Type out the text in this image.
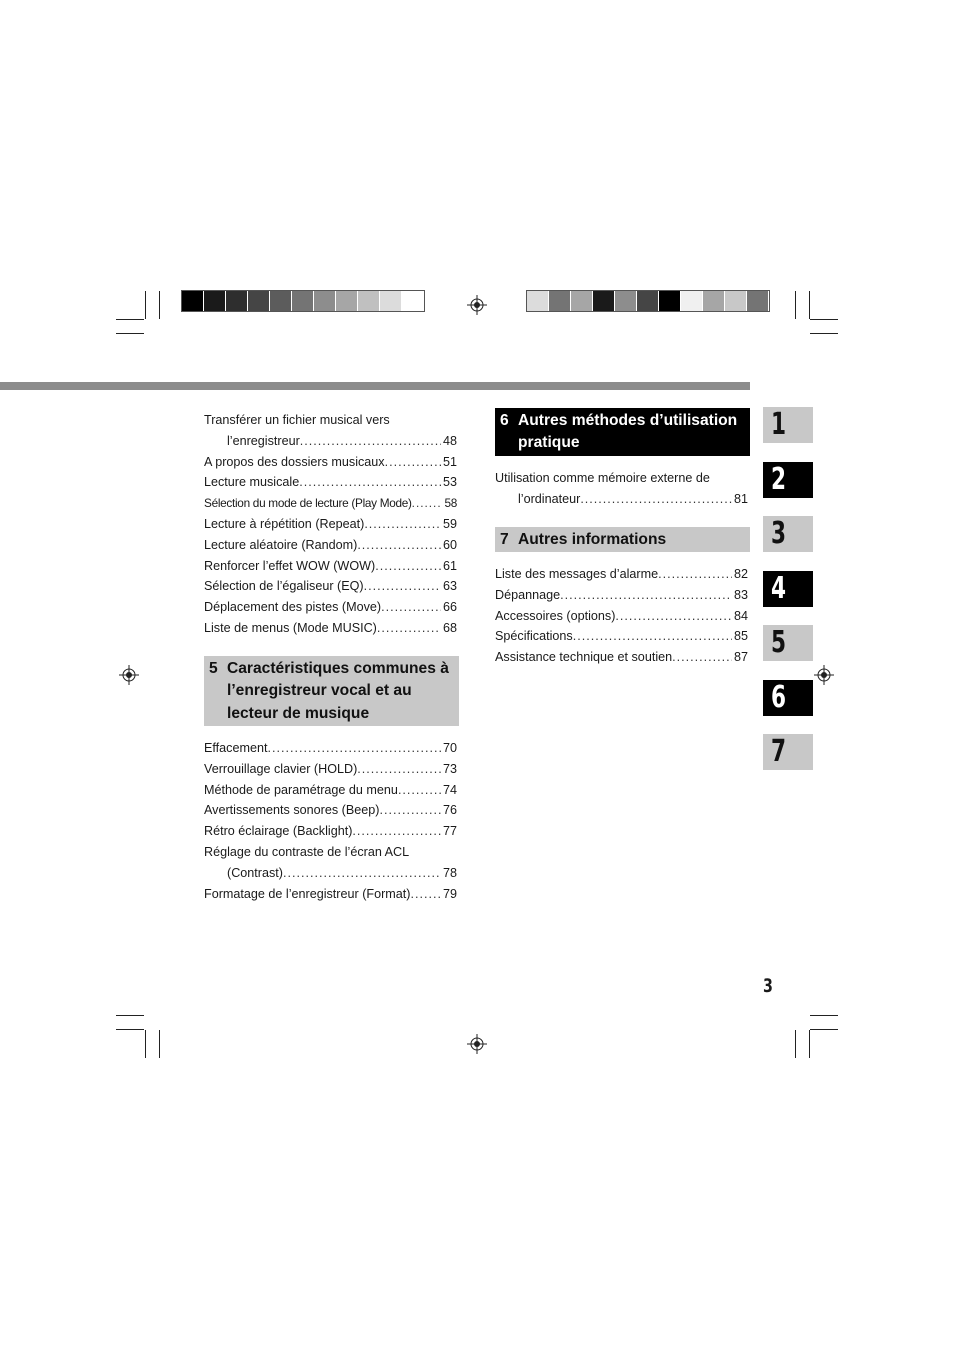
Transférer un fichier musical vers
l’enregistreur .....	48
A propos des dossiers musicaux .....	51
Lecture musicale .....	53
Sélection du mode de lecture (Play Mode) .....	58
Lecture à répétition (Repeat) .....	59
Lecture aléatoire (Random) .....	60
Renforcer l’effet WOW (WOW) .....	61
Sélection de l’égaliseur (EQ) .....	63
Déplacement des pistes (Move) .....	66
Liste de menus (Mode MUSIC) .....	68
5 Caractéristiques communes à l’enregistreur vocal et au lecteur de musique
Effacement .....	70
Verrouillage clavier (HOLD) .....	73
Méthode de paramétrage du menu .....	74
Avertissements sonores (Beep) .....	76
Rétro éclairage (Backlight) .....	77
Réglage du contraste de l’écran ACL
(Contrast) .....	78
Formatage de l’enregistreur (Format) .....	79
6 Autres méthodes d’utilisation pratique
Utilisation comme mémoire externe de
l’ordinateur .....	81
7 Autres informations
Liste des messages d’alarme .....	82
Dépannage .....	83
Accessoires (options) .....	84
Spécifications .....	85
Assistance technique et soutien .....	87
1
2
3
4
5
6
7
3
